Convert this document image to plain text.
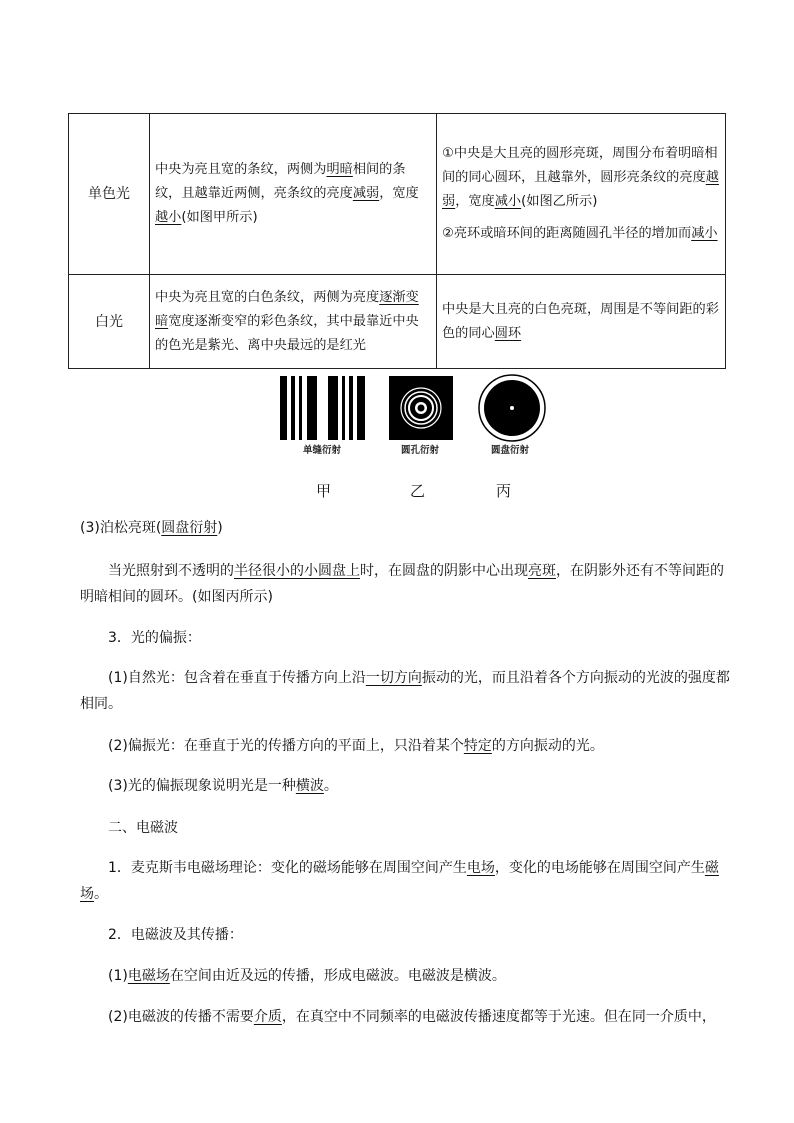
单色光	中央为亮且宽的条纹，两侧为明暗相间的条纹，且越靠近两侧，亮条纹的亮度减弱，宽度越小(如图甲所示)	①中央是大且亮的圆形亮斑，周围分布着明暗相间的同心圆环，且越靠外，圆形亮条纹的亮度越弱，宽度减小(如图乙所示)

②亮环或暗环间的距离随圆孔半径的增加而减小

白光	中央为亮且宽的白色条纹，两侧为亮度逐渐变暗宽度逐渐变窄的彩色条纹，其中最靠近中央的色光是紫光、离中央最远的是红光	中央是大且亮的白色亮斑，周围是不等间距的彩色的同心圆环
单缝衍射	圆孔衍射	圆盘衍射
甲	乙	丙

(3)泊松亮斑(圆盘衍射)

当光照射到不透明的半径很小的小圆盘上时，在圆盘的阴影中心出现亮斑，在阴影外还有不等间距的明暗相间的圆环。(如图丙所示)

3．光的偏振：

(1)自然光：包含着在垂直于传播方向上沿一切方向振动的光，而且沿着各个方向振动的光波的强度都相同。

(2)偏振光：在垂直于光的传播方向的平面上，只沿着某个特定的方向振动的光。

(3)光的偏振现象说明光是一种横波。

二、电磁波

1．麦克斯韦电磁场理论：变化的磁场能够在周围空间产生电场，变化的电场能够在周围空间产生磁场。

2．电磁波及其传播：

(1)电磁场在空间由近及远的传播，形成电磁波。电磁波是横波。

(2)电磁波的传播不需要介质，在真空中不同频率的电磁波传播速度都等于光速。但在同一介质中，
